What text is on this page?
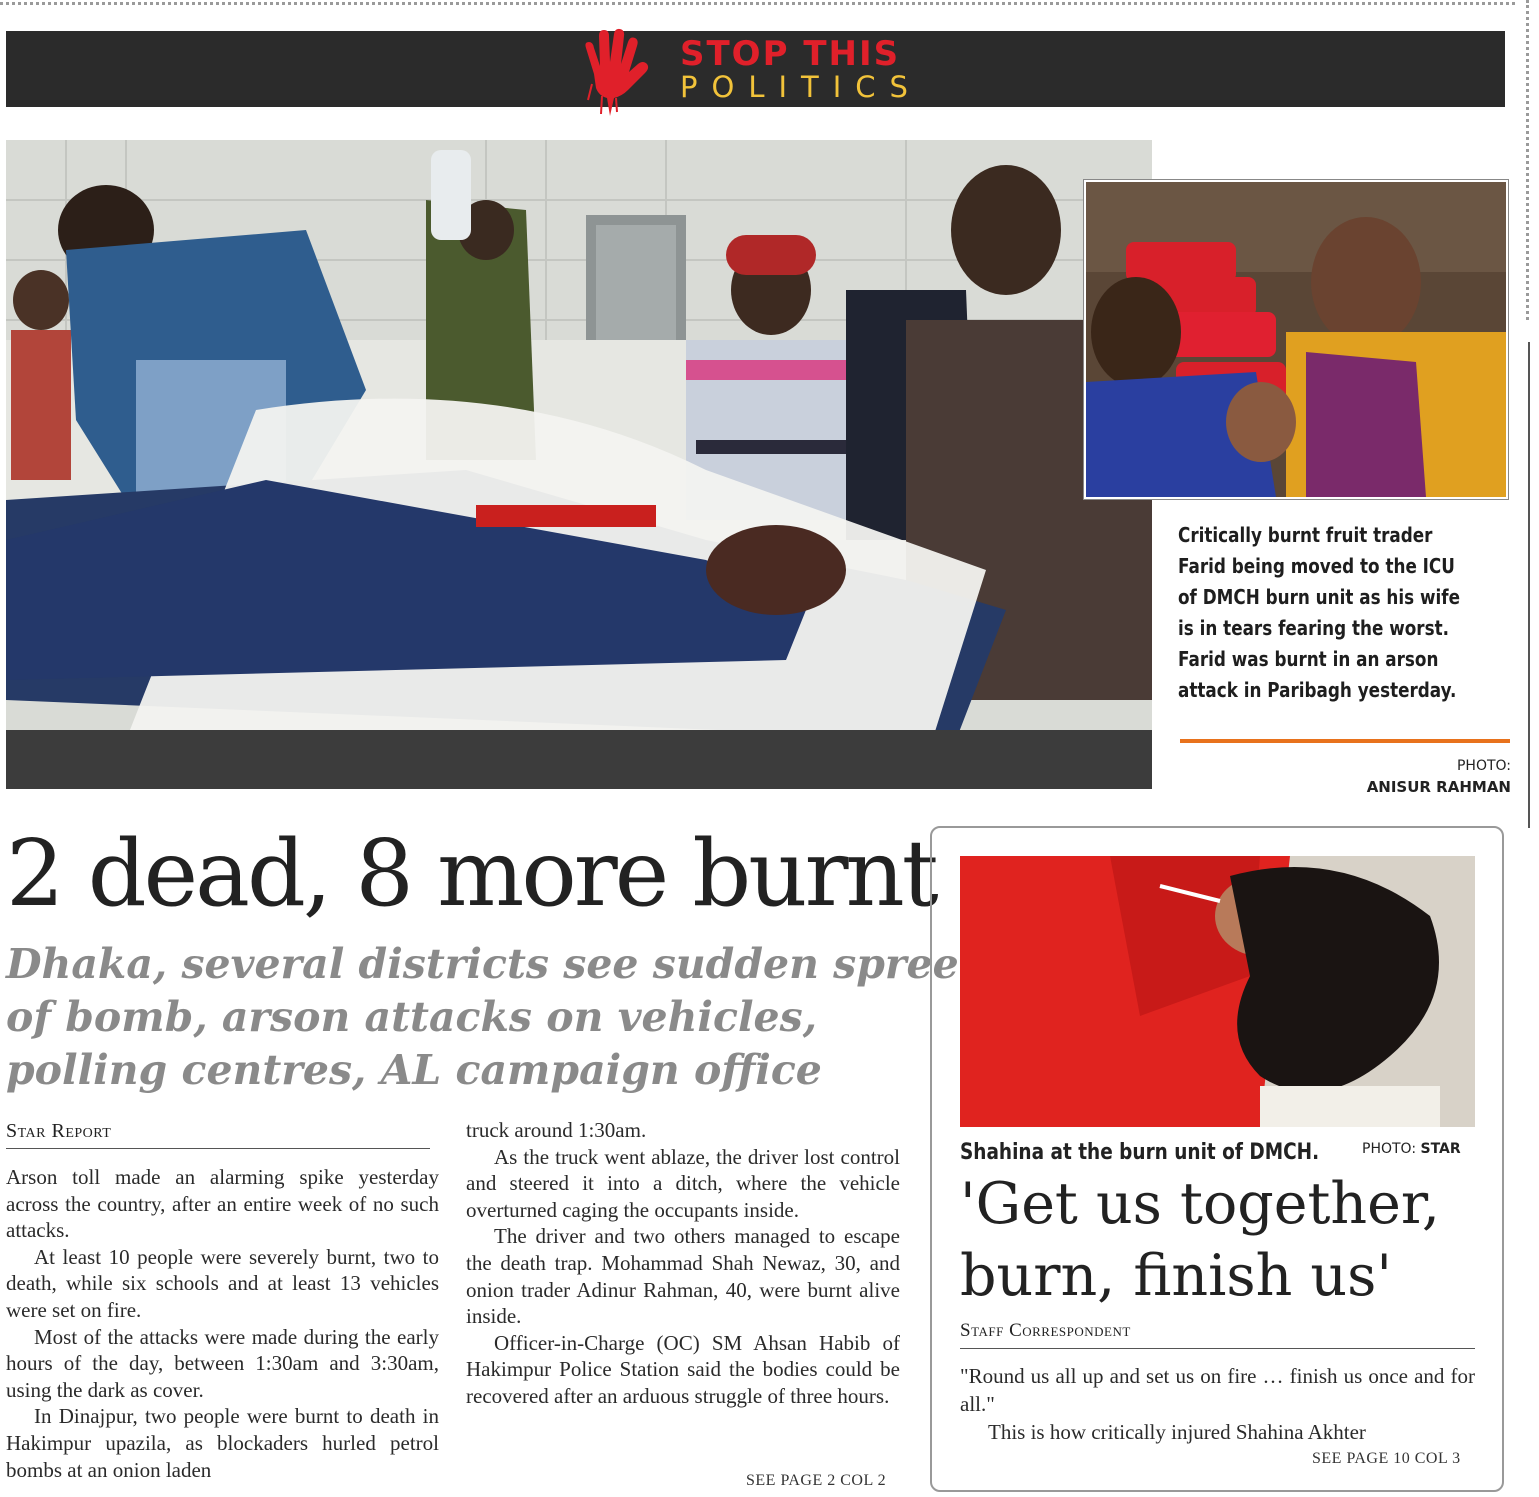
STOP THIS
POLITICS
Critically burnt fruit trader Farid being moved to the ICU of DMCH burn unit as his wife is in tears fearing the worst. Farid was burnt in an arson attack in Paribagh yesterday.
PHOTO:
ANISUR RAHMAN
2 dead, 8 more burnt
Dhaka, several districts see sudden spree
of bomb, arson attacks on vehicles,
polling centres, AL campaign office
Star Report

Arson toll made an alarming spike yesterday across the country, after an entire week of no such attacks.

At least 10 people were severely burnt, two to death, while six schools and at least 13 vehicles were set on fire.

Most of the attacks were made during the early hours of the day, between 1:30am and 3:30am, using the dark as cover.

In Dinajpur, two people were burnt to death in Hakimpur upazila, as blockaders hurled petrol bombs at an onion laden

truck around 1:30am.

As the truck went ablaze, the driver lost control and steered it into a ditch, where the vehicle overturned caging the occupants inside.

The driver and two others managed to escape the death trap. Mohammad Shah Newaz, 30, and onion trader Adinur Rahman, 40, were burnt alive inside.

Officer-in-Charge (OC) SM Ahsan Habib of Hakimpur Police Station said the bodies could be recovered after an arduous struggle of three hours.

SEE PAGE 2 COL 2
Shahina at the burn unit of DMCH.	PHOTO: STAR
'Get us together,
burn, finish us'
Staff Correspondent

"Round us all up and set us on fire … finish us once and for all."

This is how critically injured Shahina Akhter

SEE PAGE 10 COL 3
